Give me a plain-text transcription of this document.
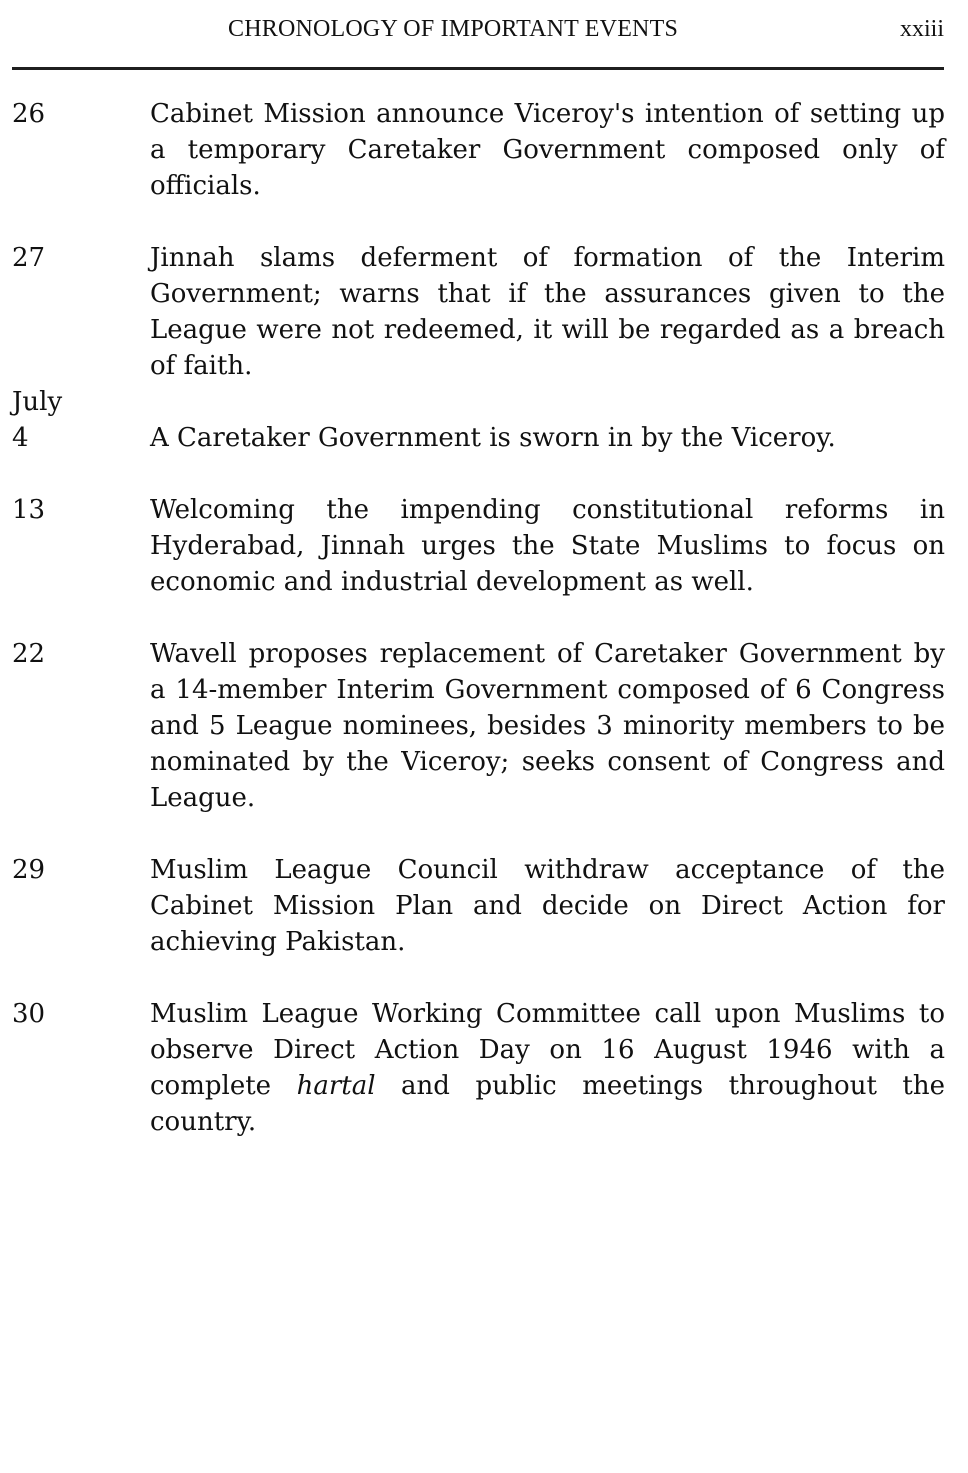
CHRONOLOGY OF IMPORTANT EVENTS	xxiii
26	Cabinet Mission announce Viceroy's intention of setting up a temporary Caretaker Government composed only of officials.
27	Jinnah slams deferment of formation of the Interim Government; warns that if the assurances given to the League were not redeemed, it will be regarded as a breach of faith.
July
4	A Caretaker Government is sworn in by the Viceroy.
13	Welcoming the impending constitutional reforms in Hyderabad, Jinnah urges the State Muslims to focus on economic and industrial development as well.
22	Wavell proposes replacement of Caretaker Government by a 14-member Interim Government composed of 6 Congress and 5 League nominees, besides 3 minority members to be nominated by the Viceroy; seeks consent of Congress and League.
29	Muslim League Council withdraw acceptance of the Cabinet Mission Plan and decide on Direct Action for achieving Pakistan.
30	Muslim League Working Committee call upon Muslims to observe Direct Action Day on 16 August 1946 with a complete hartal and public meetings throughout the country.
